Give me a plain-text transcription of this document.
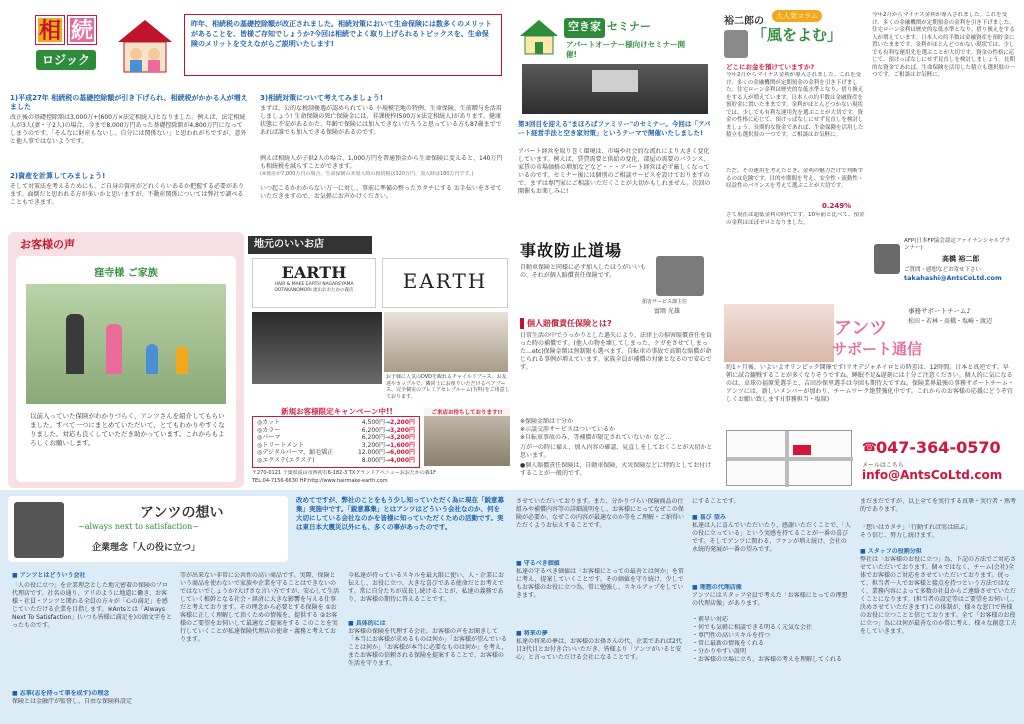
相 続
ロジック
昨年、相続税の基礎控除額が改正されました。相続対策において生命保険には数多くのメリットがあることを、皆様ご存知でしょうか?今回は相続でよく取り上げられるトピックスを、生命保険のメリットを交えながらご説明いたします!
1)平成27年 相続税の基礎控除額が引き下げられ、相続税がかかる人が増えました
改正後の基礎控除額は3,000万+(600万×法定相続人)となりました。例えば、法定相続人が3人(妻・子2人)の場合、今まで8,000万円あった基礎控除額が4,800万円になってしまうのです。「そんなに財産もないし、自分には関係ない」と思われがちですが、意外と他人事ではないようです。
2)資産を計算してみましょう!
そして対策法を考えるためにも、ご自身の資産がどれくらいあるか把握する必要があります。面倒だと思われる方が多いかと思いますが、不動産関係については弊社で調べることもできます。
3)相続対策について考えてみましょう!
まずは、公的な税制優遇が認められている 小規模宅地の特例、生命保険、生前贈与を活用しましょう! 生命保険の死亡保険金には、非課税枠(500万×法定相続人)があります。健康状態に不安があるかた、年齢で保険には加入できないだろうと思っている方も87歳までであれば誰でも加入できる保険があるのです。
例えば相続人が子供2人の場合、1,000万円を普通預金から生命保険に変えると、140万円も相続税を減らすことができます。
(※資産が7,000万円の場合。生命保険の未加入時の相続税は320万円、加入時は180万円です。)
いつ起こるかわからない万一に対し、事前に準備の整ったカタチにする お手伝いをさせていただきますので、お気軽にお声かけください。
空き家 セミナー
アパートオーナー様向けセミナー開催!
第3回目を迎える"まほろばファミリー"のセミナー。今回は「アパート経営手法と空き家対策」というテーマで開催いたしました!
アパート経営を取り巻く環境は、市場や社会的な流れにより大きく変化しています。例えば、賃貸需要と供給の変化、部屋の需要のバランス、家賃の市場価格の増加などなど・・・アパート経営は必ず厳しくなっているのです。セミナー後には個別のご相談サービスを設けておりますので、まずは専門家にご相談いただくことが大切かもしれません。次回の開催もお楽しみに!
裕二郎の	大人気コラム
「風をよむ」
どこにお金を預けていますか?
今年2月からマイナス金利が導入されました。これを受け、多くの金融機関が定期預金の金利を引き下げました。住宅ローン金利は歴史的な低水準となり、借り換えをする人が増えています。日本人の約半数は金融資産を預貯金に置いたままです。金利がほとんどつかない現状では、少しでも有利な運用先を選ぶことが大切です。資金の性格に応じて、預けっぱなしにせず見直しを検討しましょう。長期的な資金であれば、生命保険を活用した積立も選択肢の一つです。ご相談はお気軽に。
ただ、その運用を考えたとき、金利の魅力だけで判断するのは危険です。目的や期間を考え、安全性・流動性・収益性のバランスを考えて選ぶことが大切です。
0.249%
さて現在は超低金利の時代です。10年前と比べて、預金の金利はほぼゼロとなりました。
今年2月からマイナス金利が導入されました。これを受け、多くの金融機関が定期預金の金利を引き下げました。住宅ローン金利は歴史的な低水準となり、借り換えをする人が増えています。日本人の約半数は金融資産を預貯金に置いたままです。金利がほとんどつかない現状では、少しでも有利な運用先を選ぶことが大切です。資金の性格に応じて、預けっぱなしにせず見直しを検討しましょう。長期的な資金であれば、生命保険を活用した積立も選択肢の一つです。ご相談はお気軽に。
AFP(日本FP協会認定ファイナンシャルプランナー)
高橋 裕二郎
ご質問・感想などお寄せ下さい
takahashi@AntsCoLtd.com
お客様の声
窪寺様 ご家族
以前入っていた保険がわかりづらく、アンツさんを紹介してもらいました。すべて一つにまとめていただいて、とてもわかりやすくなりました。対応も良くしていただき助かっています。これからもよろしくお願いします。
地元のいいお店
EARTH
HAIR & MAKE EARTH NAGAREYAMA OOTAKANOMORI 流山おおたかの森店	EARTH
お子様に人気のDVDを観れるチャイルドブース、お友達やカップルで、隣同士にお座りいただけるペアブース、完全個室のプレミアセレブルーム(有料)をご用意しております。
新規お客様限定キャンペーン中!!
◎カット	4,500円→2,200円
◎カラー	6,200円→3,200円
◎パーマ	6,200円→3,200円
◎トリートメント	3,200円→1,600円
◎デジタルパーマ、縮毛矯正	12,000円→6,000円
◎エクステ(エクステ)	8,000円→4,000円
ご来店お待ちしております!!
〒270-0121 千葉県流山市西初石6-182-3 TXグランドアベニューおおたかの森1F
TEL:04-7156-6630 HP:http://www.hairmake-earth.com
事故防止道場
自動車保険と同様に必ず加入したほうがいいもの、それが個人賠償責任保険です。
損害サービス課主任
富岡 光雄
個人賠償責任保険とは?
日常生活の中でうっかりとした過失により、法律上の損害賠償責任を負った時の補償です。(他人の物を壊してしまった、ケガをさせてしまった…etc)保険金額は無制限も選べます。自転車の事故で高額な賠償が命じられる事例が増えています。家族全員が補償の対象となるので安心です。
※保険金額は十分か
※示談交渉サービスはついているか
※自転車事故のみ、等補償が限定されていないか など…
万が一の時に備え、加入内容の確認、見直しをしておくことが大切かと思います。
●個人賠償責任保険は、自動車保険、火災保険などに特約としてお付けすることが一般的です。
アンツ
サポート通信
事務サポートチーム♪
松田・若林・髙橋・塩崎・渡辺
約1ヶ月後、いよいよオリンピック開催です!リオデジャネイロとの時差は、12時間。日本と真逆です。早朝に試合観戦することが多くなりそうですね。睡眠不足&遅刻には十分ご注意ください。個人的に気になるのは、卓球の福原愛選手と、吉田沙保里選手は今回も期待大ですね。保険業界最強の事務サポートチーム・アンツには、新しいメンバーが加わり、チームワーク絶賛強化中です。これからのお客様の応援にどうぞ宜しくお願い致します!(事務担当・塩原)
☎ 047-364-0570
メールはこちら
info@AntsCoLtd.com
アンツの想い
~always next to satisfaction~
企業理念「人の役に立つ」
改めてですが、弊社のことをもう少し知っていただく為に現在「鋭意募集」実施中です。「鋭意募集」とはアンツはどういう会社なのか、何を大切にしている会社なのかを皆様に知っていただくための活動です。実は東日本大震災以外にも、多くの事があったのです。
■ アンツとはどういう会社
「人の役に立つ」を企業理念とした地元密着の保険のプロ代理店です。社名の通り、アリのように地道に働き、お客様・社員・アンツと関わる全員の方々が「心の満足」を感じていただける企業を目指します。※Antsとは「Always Next To Satisfaction」(いつも皆様に満足を)の頭文字をとったものです。
■ 志事(志を持って事を成す)の理念
保険とは金融庁が監督し、自由な保険料設定
等が出来ない非常に公共性の高い商品です。実際、保険という商品を使わないで家族や企業を守ることはできないのではないでしょうか?大げさな言い方ですが、安心して生活していく根幹となる社会・経済に大きな影響を与える仕事だと考えております。その理念から必要とする保険を ①お客様に正しく理解して頂くための情報を、提供する ②お客様のご要望をお伺いして最適なご提案をする このことを実行していくことが私達保険代理店の使命・義務と考えております。
今私達が持っているスキルを最大限に使い、人・企業にお伝えし、お役に立つ、大きな喜びである使命だとお考えです。常に自分たちが成長し続けることが、私達の義務であり、お客様の期待に答えることです。
■ 具体的には
お客様の保険を代理する会社。お客様の声をお聞きして「本当にお客様が求めるものは何か」「お客様が望んでいることは何か」「お客様が本当に必要なものは何か」を考え、またお客様の信頼される保険を提案することで、お客様の生活を守ります。
させていただいております。また、分かりづらい保険商品の仕組みや補償内容等の詳細説明をし、お客様にとってなぜこの保険が必要か、なぜこの内容が最適なのか等をご理解・ご納得いただくようお伝えすることです。
■ 守るべき価値
私達の守るべき価値は「お客様にとっての最善とは何か」を常に考え、提案していくことです。その価値を守り続け、少しでもお客様のお役に立つ為、常に勉強し、スキルアップをしていきます。
■ 将来の夢
私達の将来の夢は、お客様のお孫さんの代、企業であれば2代目3代目とお付き合いいただき、皆様より「アンツがいると安心」と言っていただける会社になることです。
にすることです。
■ 喜び 望み
私達は人に喜んでいただいたり、感謝いただくことで、「人の役に立っている」という実感を持てることが一番の喜びです。そしてアンツに関わる、ファンが増え続け、会社の永続的発展が一番の望みです。
■ 理想の代理店像
アンツにはスタッフ全員で考えた「お客様にとっての理想の代理店像」があります。
・素早い対応
・何でも気軽に相談できる明るく元気な会社
・専門性の高いスキルを持つ
・常に最新の情報をくれる
・分かりやすい説明
・お客様の立場に立ち、お客様の考えを理解してくれる
まだまだですが、以上全てを実行する真摯・実行者・熟考的であります。
「想いはカタチ」「行動すれば実は結ぶ」
そう信じ、努力し続けます。
■ スタッフの役割分担
弊社は「お客様のお役に立つ」為、下記の方法でご対応させていただいております。個々ではなく、チーム(会社)全体でお客様のご対応をさせていただいております。従って、担当者一人でお客様と接点を持つという方法ではなく、業務内容によって多数の社員からご連絡させていただくことになります。(担当者の設定等はご要望をお伺いし、決めさせていただきます)この体制が、様々な窓口で皆様のお役に立つことと信じております。全て「お客様のお役に立つ」為には何が最善なのか常に考え、様々な創意工夫をしていきます。
